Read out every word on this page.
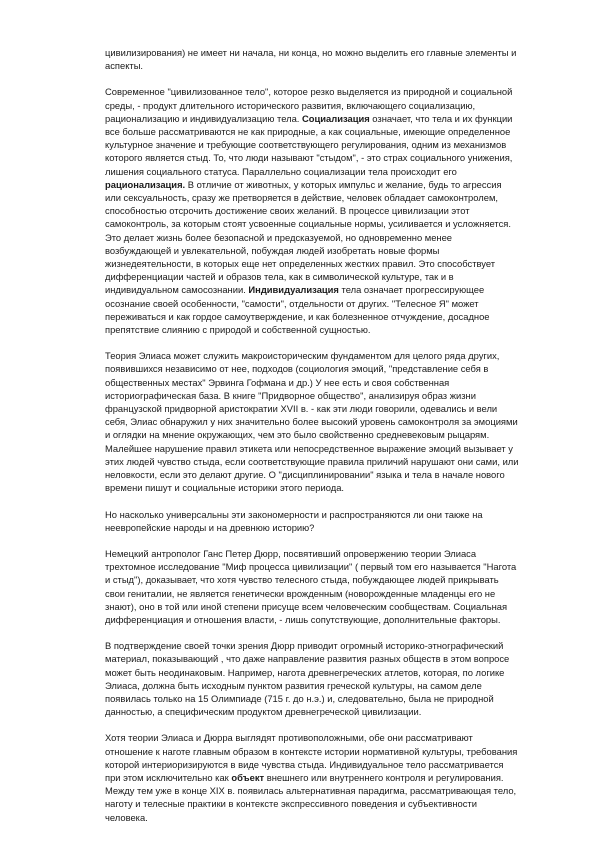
цивилизирования) не имеет ни начала, ни конца, но можно выделить его главные элементы и аспекты.

Современное "цивилизованное тело", которое резко выделяется из природной и социальной среды, - продукт длительного исторического развития, включающего социализацию, рационализацию и индивидуализацию тела. Социализация означает, что тела и их функции все больше рассматриваются не как природные, а как социальные, имеющие определенное культурное значение и требующие соответствующего регулирования, одним из механизмов которого является стыд. То, что люди называют "стыдом", - это страх социального унижения, лишения социального статуса. Параллельно социализации тела происходит его рационализация. В отличие от животных, у которых импульс и желание, будь то агрессия или сексуальность, сразу же претворяется в действие, человек обладает самоконтролем, способностью отсрочить достижение своих желаний. В процессе цивилизации этот самоконтроль, за которым стоят усвоенные социальные нормы, усиливается и усложняется. Это делает жизнь более безопасной и предсказуемой, но одновременно менее возбуждающей и увлекательной, побуждая людей изобретать новые формы жизнедеятельности, в которых еще нет определенных жестких правил. Это способствует дифференциации частей и образов тела, как в символической культуре, так и в индивидуальном самосознании. Индивидуализация тела означает прогрессирующее осознание своей особенности, "самости", отдельности от других. "Телесное Я" может переживаться и как гордое самоутверждение, и как болезненное отчуждение, досадное препятствие слиянию с природой и собственной сущностью.

Теория Элиаса может служить макроисторическим фундаментом для целого ряда других, появившихся независимо от нее, подходов (социология эмоций, "представление себя в общественных местах" Эрвинга Гофмана и др.) У нее есть и своя собственная историографическая база. В книге "Придворное общество", анализируя образ жизни французской придворной аристократии XVII в. - как эти люди говорили, одевались и вели себя, Элиас обнаружил у них значительно более высокий уровень самоконтроля за эмоциями и оглядки на мнение окружающих, чем это было свойственно средневековым рыцарям. Малейшее нарушение правил этикета или непосредственное выражение эмоций вызывает у этих людей чувство стыда, если соответствующие правила приличий нарушают они сами, или неловкости, если это делают другие. О "дисциплинировании" языка и тела в начале нового времени пишут и социальные историки этого периода.

Но насколько универсальны эти закономерности и распространяются ли они также на неевропейские народы и на древнюю историю?

Немецкий антрополог Ганс Петер Дюрр, посвятивший опровержению теории Элиаса трехтомное исследование "Миф процесса цивилизации" ( первый том его называется "Нагота и стыд"), доказывает, что хотя чувство телесного стыда, побуждающее людей прикрывать свои гениталии, не является генетически врожденным (новорожденные младенцы его не знают), оно в той или иной степени присуще всем человеческим сообществам. Социальная дифференциация и отношения власти, - лишь сопутствующие, дополнительные факторы.

В подтверждение своей точки зрения Дюрр приводит огромный историко-этнографический материал, показывающий , что даже направление развития разных обществ в этом вопросе может быть неодинаковым. Например, нагота древнегреческих атлетов, которая, по логике Элиаса, должна быть исходным пунктом развития греческой культуры, на самом деле появилась только на 15 Олимпиаде (715 г. до н.э.) и, следовательно, была не природной данностью, а специфическим продуктом древнегреческой цивилизации.

Хотя теории Элиаса и Дюрра выглядят противоположными, обе они рассматривают отношение к наготе главным образом в контексте истории нормативной культуры, требования которой интериоризируются в виде чувства стыда. Индивидуальное тело рассматривается при этом исключительно как объект внешнего или внутреннего контроля и регулирования. Между тем уже в конце XIX в. появилась альтернативная парадигма, рассматривающая тело, наготу и телесные практики в контексте экспрессивного поведения и субъективности человека.
